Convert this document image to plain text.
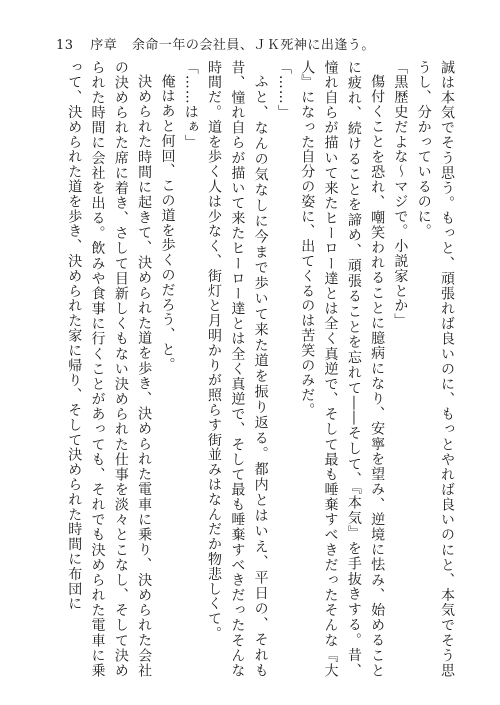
13 序章 余命一年の会社員、ＪＫ死神に出逢う。

誠は本気でそう思う。もっと、頑張れば良いのに、もっとやれば良いのにと、本気でそう思うし、分かっているのに。

「黒歴史だよな～マジで。小説家とか」

傷付くことを恐れ、嘲笑われることに臆病になり、安寧を望み、逆境に怯み、始めることに疲れ、続けることを諦め、頑張ることを忘れて――そして、『本気』を手抜きする。昔、憧れ自らが描いて来たヒーロー達とは全く真逆で、そして最も唾棄すべきだったそんな『大人』になった自分の姿に、出てくるのは苦笑のみだ。

「……」

ふと、なんの気なしに今まで歩いて来た道を振り返る。都内とはいえ、平日の、それも昔、憧れ自らが描いて来たヒーロー達とは全く真逆で、そして最も唾棄すべきだったそんな時間だ。道を歩く人は少なく、街灯と月明かりが照らす街並みはなんだか物悲しくて。

「……はぁ」

俺はあと何回、この道を歩くのだろう、と。

決められた時間に起きて、決められた道を歩き、決められた電車に乗り、決められた会社の決められた席に着き、さして目新しくもない決められた仕事を淡々とこなし、そして決められた時間に会社を出る。飲みや食事に行くことがあっても、それでも決められた電車に乗って、決められた道を歩き、決められた家に帰り、そして決められた時間に布団に
